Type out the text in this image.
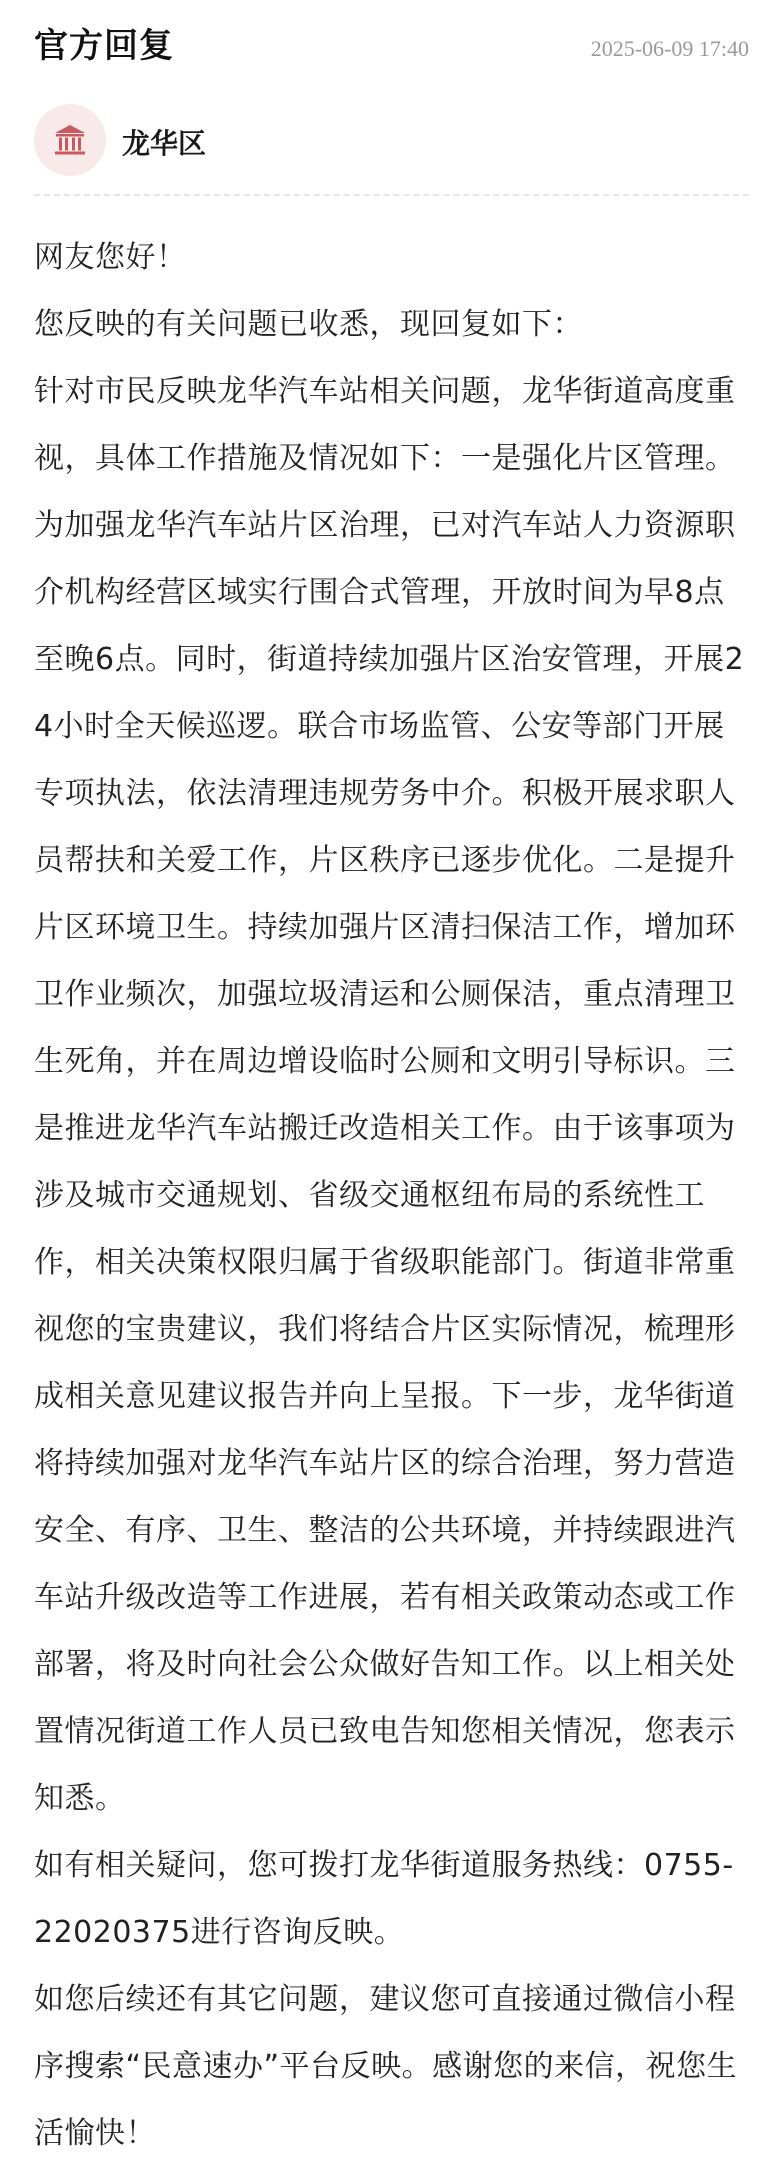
官方回复	2025-06-09 17:40
龙华区

网友您好！

您反映的有关问题已收悉，现回复如下：

针对市民反映龙华汽车站相关问题，龙华街道高度重视，具体工作措施及情况如下：一是强化片区管理。为加强龙华汽车站片区治理，已对汽车站人力资源职介机构经营区域实行围合式管理，开放时间为早8点至晚6点。同时，街道持续加强片区治安管理，开展24小时全天候巡逻。联合市场监管、公安等部门开展专项执法，依法清理违规劳务中介。积极开展求职人员帮扶和关爱工作，片区秩序已逐步优化。二是提升片区环境卫生。持续加强片区清扫保洁工作，增加环卫作业频次，加强垃圾清运和公厕保洁，重点清理卫生死角，并在周边增设临时公厕和文明引导标识。三是推进龙华汽车站搬迁改造相关工作。由于该事项为涉及城市交通规划、省级交通枢纽布局的系统性工作，相关决策权限归属于省级职能部门。街道非常重视您的宝贵建议，我们将结合片区实际情况，梳理形成相关意见建议报告并向上呈报。下一步，龙华街道将持续加强对龙华汽车站片区的综合治理，努力营造安全、有序、卫生、整洁的公共环境，并持续跟进汽车站升级改造等工作进展，若有相关政策动态或工作部署，将及时向社会公众做好告知工作。以上相关处置情况街道工作人员已致电告知您相关情况，您表示知悉。

如有相关疑问，您可拨打龙华街道服务热线：0755-22020375进行咨询反映。

如您后续还有其它问题，建议您可直接通过微信小程序搜索“民意速办”平台反映。感谢您的来信，祝您生活愉快！
